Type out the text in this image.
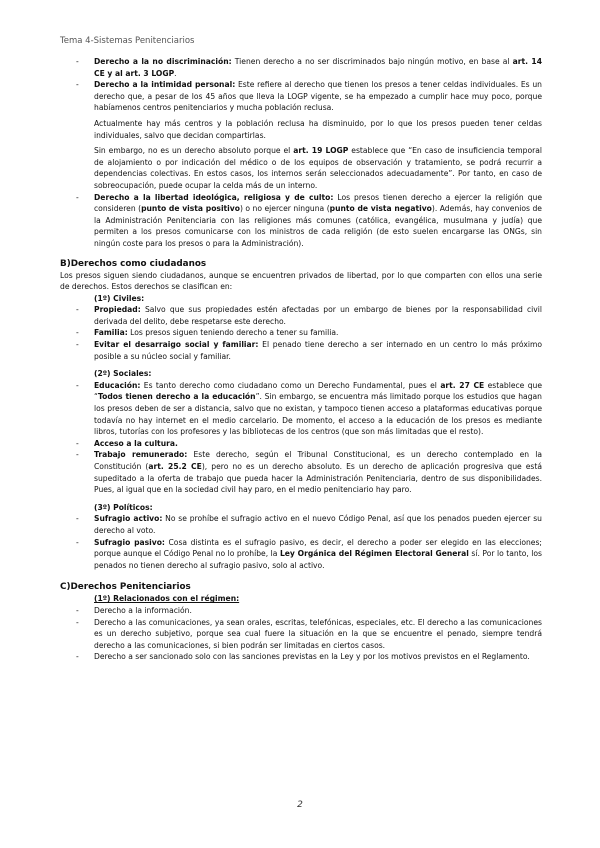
Tema 4-Sistemas Penitenciarios
- Derecho a la no discriminación: Tienen derecho a no ser discriminados bajo ningún motivo, en base al art. 14 CE y al art. 3 LOGP.
- Derecho a la intimidad personal: Este refiere al derecho que tienen los presos a tener celdas individuales. Es un derecho que, a pesar de los 45 años que lleva la LOGP vigente, se ha empezado a cumplir hace muy poco, porque habíamenos centros penitenciarios y mucha población reclusa.
Actualmente hay más centros y la población reclusa ha disminuido, por lo que los presos pueden tener celdas individuales, salvo que decidan compartirlas.
Sin embargo, no es un derecho absoluto porque el art. 19 LOGP establece que “En caso de insuficiencia temporal de alojamiento o por indicación del médico o de los equipos de observación y tratamiento, se podrá recurrir a dependencias colectivas. En estos casos, los internos serán seleccionados adecuadamente”. Por tanto, en caso de sobreocupación, puede ocupar la celda más de un interno.
- Derecho a la libertad ideológica, religiosa y de culto: Los presos tienen derecho a ejercer la religión que consideren (punto de vista positivo) o no ejercer ninguna (punto de vista negativo). Además, hay convenios de la Administración Penitenciaria con las religiones más comunes (católica, evangélica, musulmana y judía) que permiten a los presos comunicarse con los ministros de cada religión (de esto suelen encargarse las ONGs, sin ningún coste para los presos o para la Administración).
B)Derechos como ciudadanos
Los presos siguen siendo ciudadanos, aunque se encuentren privados de libertad, por lo que comparten con ellos una serie de derechos. Estos derechos se clasifican en:
(1º) Civiles:
- Propiedad: Salvo que sus propiedades estén afectadas por un embargo de bienes por la responsabilidad civil derivada del delito, debe respetarse este derecho.
- Familia: Los presos siguen teniendo derecho a tener su familia.
- Evitar el desarraigo social y familiar: El penado tiene derecho a ser internado en un centro lo más próximo posible a su núcleo social y familiar.
(2º) Sociales:
- Educación: Es tanto derecho como ciudadano como un Derecho Fundamental, pues el art. 27 CE establece que “Todos tienen derecho a la educación”. Sin embargo, se encuentra más limitado porque los estudios que hagan los presos deben de ser a distancia, salvo que no existan, y tampoco tienen acceso a plataformas educativas porque todavía no hay internet en el medio carcelario. De momento, el acceso a la educación de los presos es mediante libros, tutorías con los profesores y las bibliotecas de los centros (que son más limitadas que el resto).
- Acceso a la cultura.
- Trabajo remunerado: Este derecho, según el Tribunal Constitucional, es un derecho contemplado en la Constitución (art. 25.2 CE), pero no es un derecho absoluto. Es un derecho de aplicación progresiva que está supeditado a la oferta de trabajo que pueda hacer la Administración Penitenciaria, dentro de sus disponibilidades. Pues, al igual que en la sociedad civil hay paro, en el medio penitenciario hay paro.
(3º) Políticos:
- Sufragio activo: No se prohíbe el sufragio activo en el nuevo Código Penal, así que los penados pueden ejercer su derecho al voto.
- Sufragio pasivo: Cosa distinta es el sufragio pasivo, es decir, el derecho a poder ser elegido en las elecciones; porque aunque el Código Penal no lo prohíbe, la Ley Orgánica del Régimen Electoral General sí. Por lo tanto, los penados no tienen derecho al sufragio pasivo, solo al activo.
C)Derechos Penitenciarios
(1º) Relacionados con el régimen:
- Derecho a la información.
- Derecho a las comunicaciones, ya sean orales, escritas, telefónicas, especiales, etc. El derecho a las comunicaciones es un derecho subjetivo, porque sea cual fuere la situación en la que se encuentre el penado, siempre tendrá derecho a las comunicaciones, si bien podrán ser limitadas en ciertos casos.
- Derecho a ser sancionado solo con las sanciones previstas en la Ley y por los motivos previstos en el Reglamento.
2
